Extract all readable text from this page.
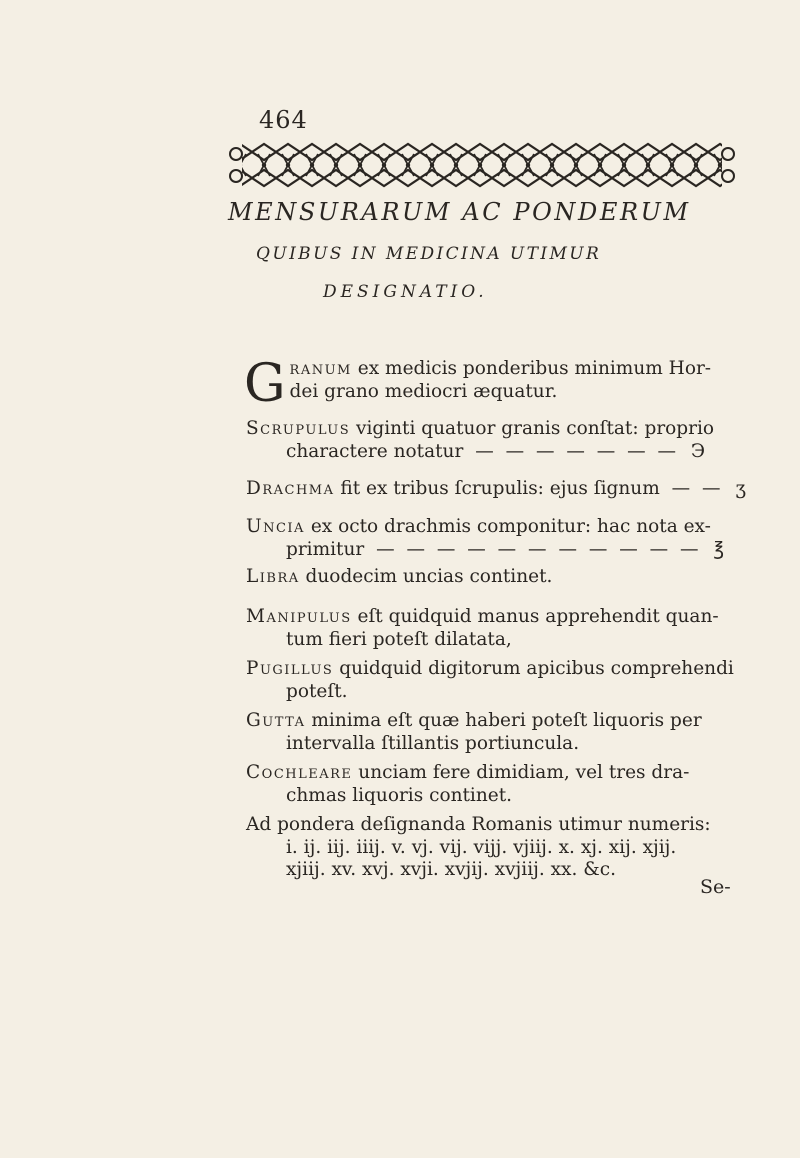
464
MENSURARUM AC PONDERUM
QUIBUS IN MEDICINA UTIMUR
DESIGNATIO.
G ranum ex medicis ponderibus minimum Hor-
dei grano mediocri æquatur.
Scrupulus viginti quatuor granis conſtat: proprio
charactere notatur — — — — — — — Э
Drachma fit ex tribus ſcrupulis: ejus ſignum — — ʒ
Uncia ex octo drachmis componitur: hac nota ex-
primitur — — — — — — — — — — — ℥
Libra duodecim uncias continet.
Manipulus eſt quidquid manus apprehendit quan-
tum fieri poteſt dilatata,
Pugillus quidquid digitorum apicibus comprehendi
poteſt.
Gutta minima eſt quæ haberi poteſt liquoris per
intervalla ſtillantis portiuncula.
Cochleare unciam fere dimidiam, vel tres dra-
chmas liquoris continet.
Ad pondera deſignanda Romanis utimur numeris:
i. ij. iij. iiij. v. vj. vij. vijj. vjiij. x. xj. xij. xjij.
xjiij. xv. xvj. xvji. xvjij. xvjiij. xx. &c.
Se-
